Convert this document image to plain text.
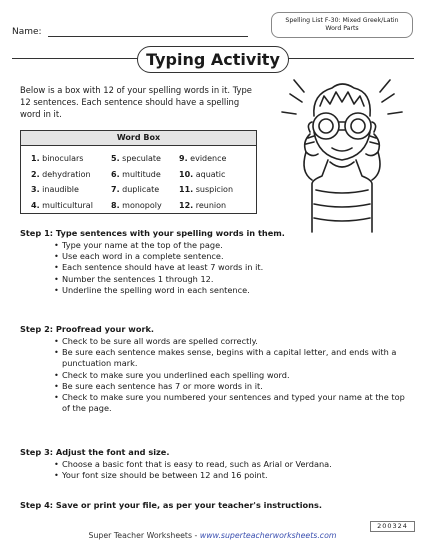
Name:
Spelling List F-30: Mixed Greek/Latin
Word Parts
Typing Activity
Below is a box with 12 of your spelling words in it. Type 12 sentences. Each sentence should have a spelling word in it.
Word Box
1. binoculars
2. dehydration
3. inaudible
4. multicultural
5. speculate
6. multitude
7. duplicate
8. monopoly
9. evidence
10. aquatic
11. suspicion
12. reunion
Step 1: Type sentences with your spelling words in them.
• Type your name at the top of the page.
• Use each word in a complete sentence.
• Each sentence should have at least 7 words in it.
• Number the sentences 1 through 12.
• Underline the spelling word in each sentence.
Step 2: Proofread your work.
• Check to be sure all words are spelled correctly.
• Be sure each sentence makes sense, begins with a capital letter, and ends with a punctuation mark.
• Check to make sure you underlined each spelling word.
• Be sure each sentence has 7 or more words in it.
• Check to make sure you numbered your sentences and typed your name at the top of the page.
Step 3: Adjust the font and size.
• Choose a basic font that is easy to read, such as Arial or Verdana.
• Your font size should be between 12 and 16 point.
Step 4: Save or print your file, as per your teacher's instructions.
200324
Super Teacher Worksheets - www.superteacherworksheets.com
